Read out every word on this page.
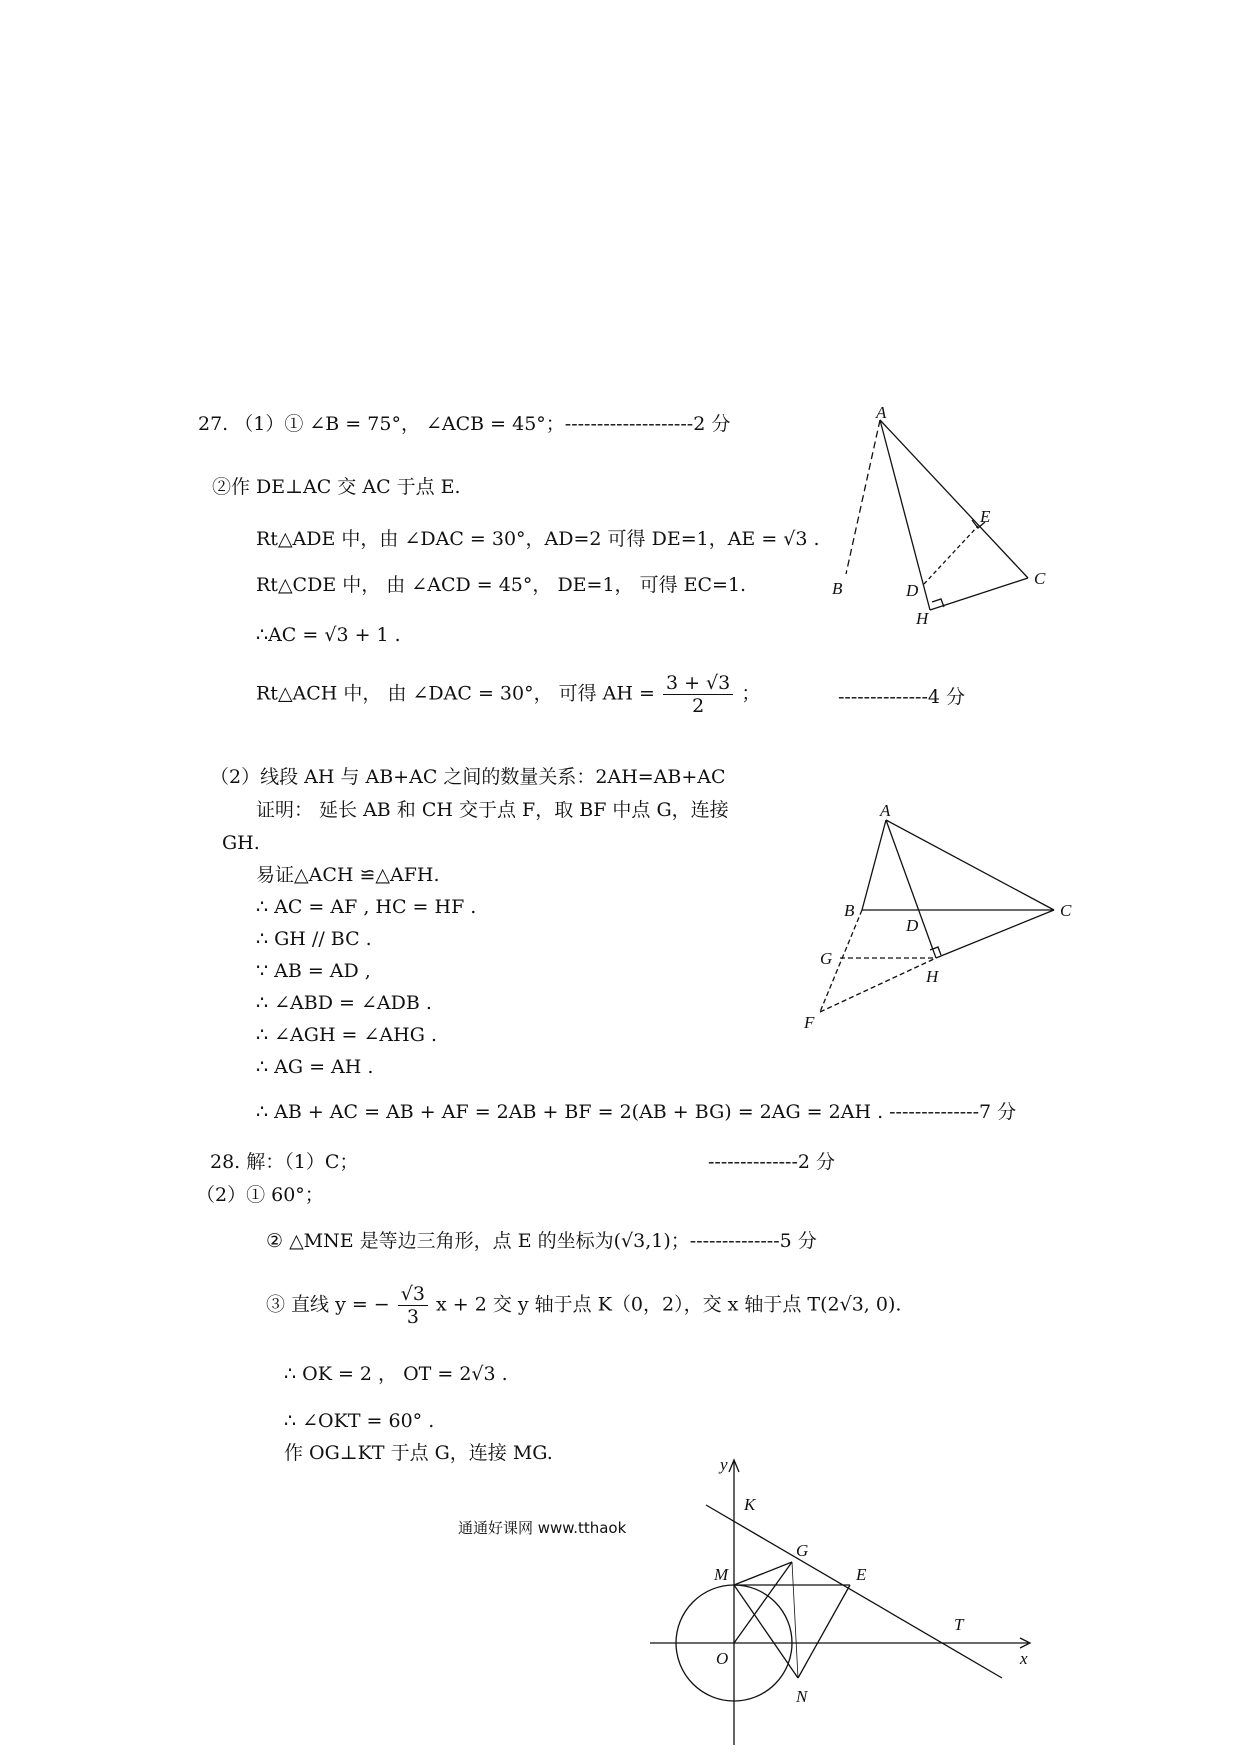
27. （1）① ∠B = 75°， ∠ACB = 45°；--------------------2 分
②作 DE⊥AC 交 AC 于点 E.
Rt△ADE 中，由 ∠DAC = 30°，AD=2 可得 DE=1，AE = √3 .
Rt△CDE 中， 由 ∠ACD = 45°， DE=1， 可得 EC=1.
∴AC = √3 + 1 .
Rt△ACH 中， 由 ∠DAC = 30°， 可得 AH = $\frac{3 + √3}{2}$ ；	--------------4 分
（2）线段 AH 与 AB+AC 之间的数量关系：2AH=AB+AC
证明： 延长 AB 和 CH 交于点 F，取 BF 中点 G，连接
GH.
易证△ACH ≌△AFH.
∴ AC = AF , HC = HF .
∴ GH // BC .
∵ AB = AD ,
∴ ∠ABD = ∠ADB .
∴ ∠AGH = ∠AHG .
∴ AG = AH .
∴ AB + AC = AB + AF = 2AB + BF = 2(AB + BG) = 2AG = 2AH . --------------7 分
28. 解：（1）C；	--------------2 分
（2）① 60°；
② △MNE 是等边三角形，点 E 的坐标为(√3,1)；--------------5 分
③ 直线 y = − $\frac{√3}{3}$ x + 2 交 y 轴于点 K（0，2），交 x 轴于点 T(2√3, 0).
∴ OK = 2 ， OT = 2√3 .
∴ ∠OKT = 60° .
作 OG⊥KT 于点 G，连接 MG.
通通好课网 www.tthaok
A
B
C
D
E
H
A
B	C
D
G
H
F
y
x
K
G
M	E
T
O
N
